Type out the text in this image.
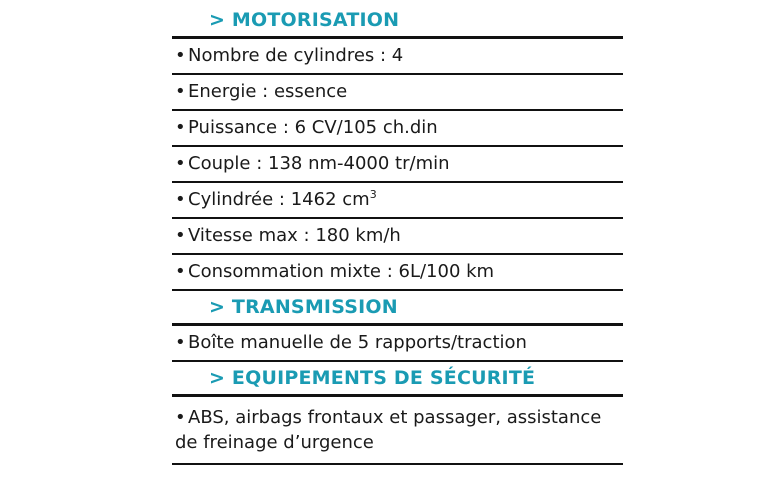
> MOTORISATION
• Nombre de cylindres : 4
• Energie : essence
• Puissance : 6 CV/105 ch.din
• Couple : 138 nm-4000 tr/min
• Cylindrée : 1462 $cm^3$
• Vitesse max : 180 km/h
• Consommation mixte : 6L/100 km
> TRANSMISSION
• Boîte manuelle de 5 rapports/traction
> EQUIPEMENTS DE SÉCURITÉ
• ABS, airbags frontaux et passager, assistance de freinage d’urgence
